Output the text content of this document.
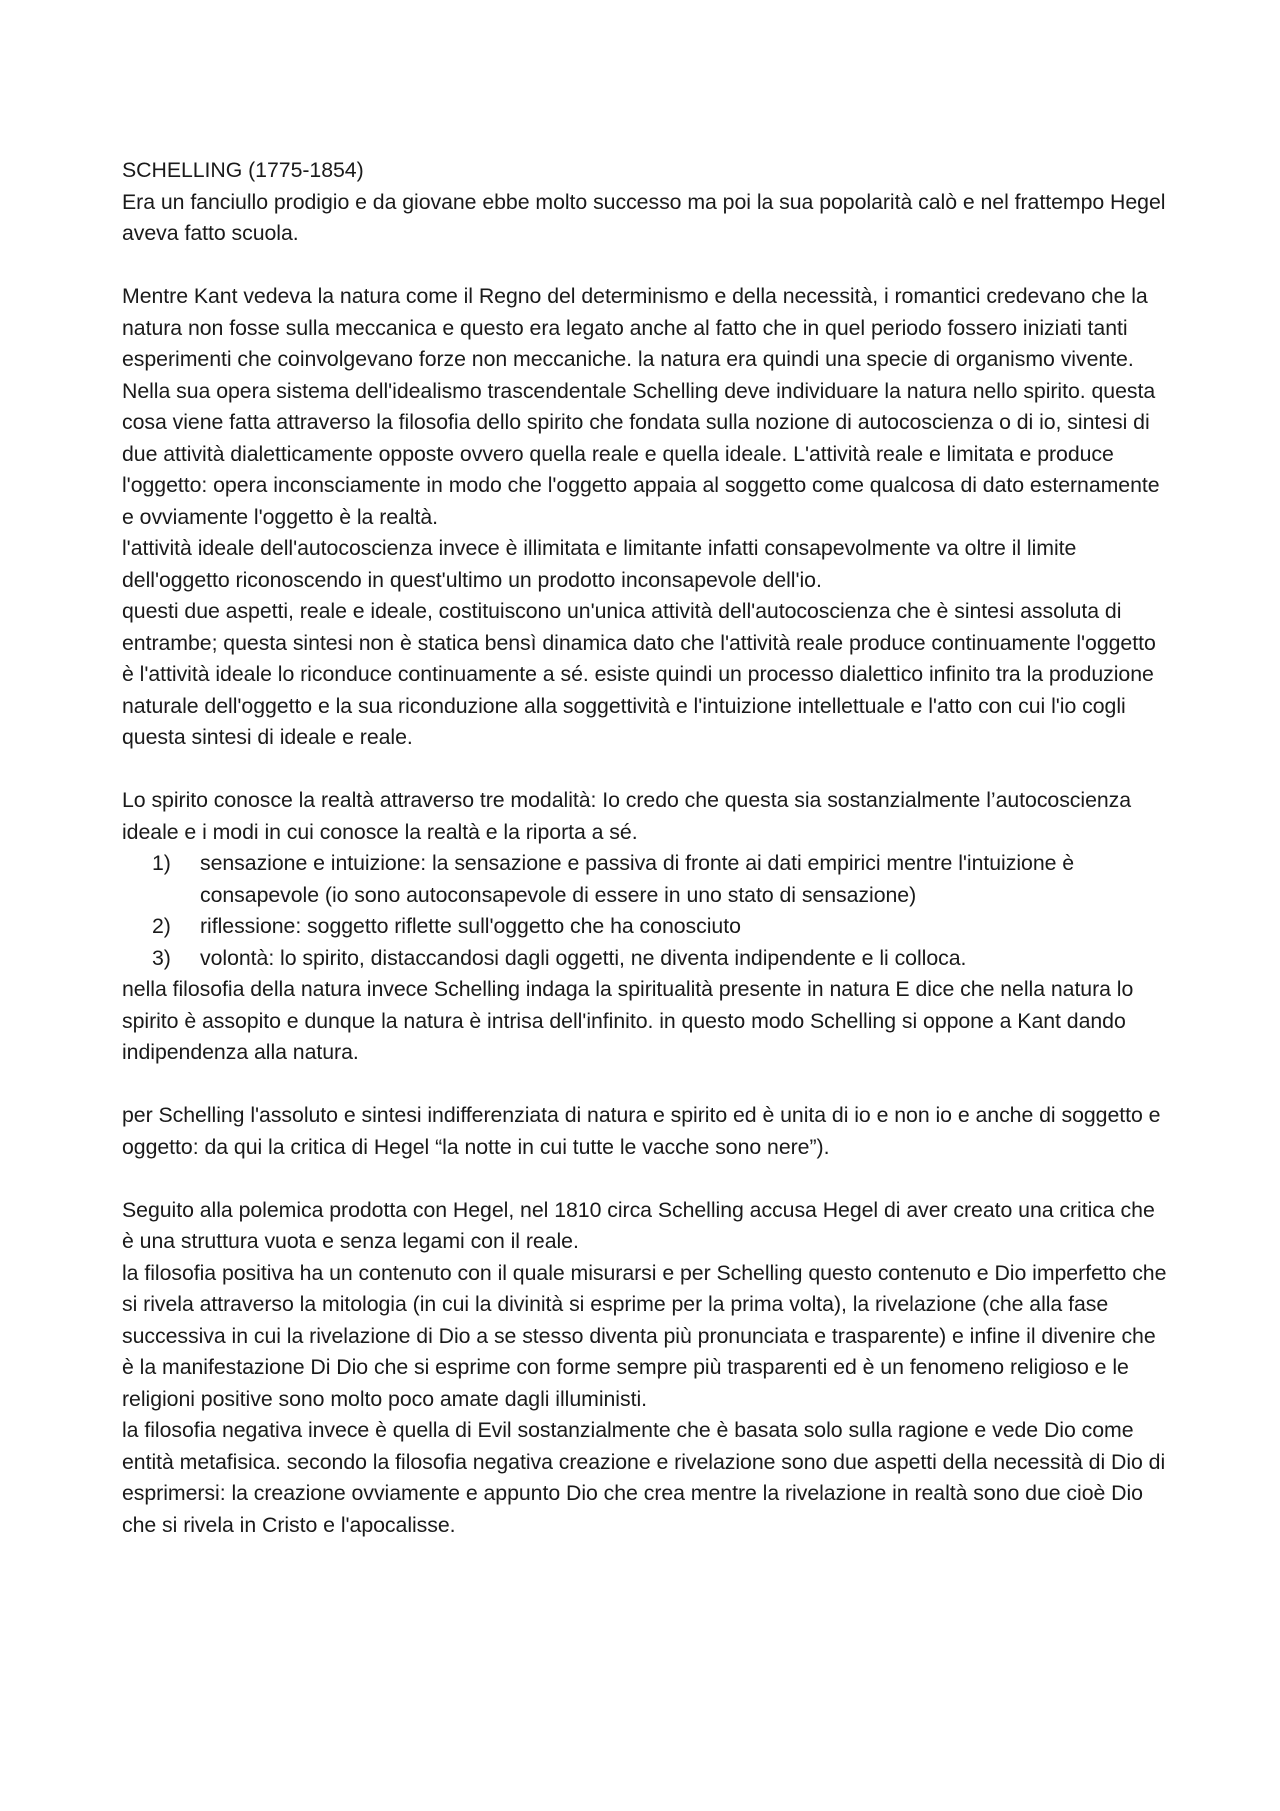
SCHELLING (1775-1854)

Era un fanciullo prodigio e da giovane ebbe molto successo ma poi la sua popolarità calò e nel frattempo Hegel aveva fatto scuola.

Mentre Kant vedeva la natura come il Regno del determinismo e della necessità, i romantici credevano che la natura non fosse sulla meccanica e questo era legato anche al fatto che in quel periodo fossero iniziati tanti esperimenti che coinvolgevano forze non meccaniche. la natura era quindi una specie di organismo vivente.

Nella sua opera sistema dell'idealismo trascendentale Schelling deve individuare la natura nello spirito. questa cosa viene fatta attraverso la filosofia dello spirito che fondata sulla nozione di autocoscienza o di io, sintesi di due attività dialetticamente opposte ovvero quella reale e quella ideale. L'attività reale e limitata e produce l'oggetto: opera inconsciamente in modo che l'oggetto appaia al soggetto come qualcosa di dato esternamente e ovviamente l'oggetto è la realtà.

l'attività ideale dell'autocoscienza invece è illimitata e limitante infatti consapevolmente va oltre il limite dell'oggetto riconoscendo in quest'ultimo un prodotto inconsapevole dell'io.

questi due aspetti, reale e ideale, costituiscono un'unica attività dell'autocoscienza che è sintesi assoluta di entrambe; questa sintesi non è statica bensì dinamica dato che l'attività reale produce continuamente l'oggetto è l'attività ideale lo riconduce continuamente a sé. esiste quindi un processo dialettico infinito tra la produzione naturale dell'oggetto e la sua riconduzione alla soggettività e l'intuizione intellettuale e l'atto con cui l'io cogli questa sintesi di ideale e reale.

Lo spirito conosce la realtà attraverso tre modalità: Io credo che questa sia sostanzialmente l’autocoscienza ideale e i modi in cui conosce la realtà e la riporta a sé.

1) sensazione e intuizione: la sensazione e passiva di fronte ai dati empirici mentre l'intuizione è consapevole (io sono autoconsapevole di essere in uno stato di sensazione)
2) riflessione: soggetto riflette sull'oggetto che ha conosciuto
3) volontà: lo spirito, distaccandosi dagli oggetti, ne diventa indipendente e li colloca.

nella filosofia della natura invece Schelling indaga la spiritualità presente in natura E dice che nella natura lo spirito è assopito e dunque la natura è intrisa dell'infinito. in questo modo Schelling si oppone a Kant dando indipendenza alla natura.

per Schelling l'assoluto e sintesi indifferenziata di natura e spirito ed è unita di io e non io e anche di soggetto e oggetto: da qui la critica di Hegel “la notte in cui tutte le vacche sono nere”).

Seguito alla polemica prodotta con Hegel, nel 1810 circa Schelling accusa Hegel di aver creato una critica che è una struttura vuota e senza legami con il reale.

la filosofia positiva ha un contenuto con il quale misurarsi e per Schelling questo contenuto e Dio imperfetto che si rivela attraverso la mitologia (in cui la divinità si esprime per la prima volta), la rivelazione (che alla fase successiva in cui la rivelazione di Dio a se stesso diventa più pronunciata e trasparente) e infine il divenire che è la manifestazione Di Dio che si esprime con forme sempre più trasparenti ed è un fenomeno religioso e le religioni positive sono molto poco amate dagli illuministi.

la filosofia negativa invece è quella di Evil sostanzialmente che è basata solo sulla ragione e vede Dio come entità metafisica. secondo la filosofia negativa creazione e rivelazione sono due aspetti della necessità di Dio di esprimersi: la creazione ovviamente e appunto Dio che crea mentre la rivelazione in realtà sono due cioè Dio che si rivela in Cristo e l'apocalisse.
